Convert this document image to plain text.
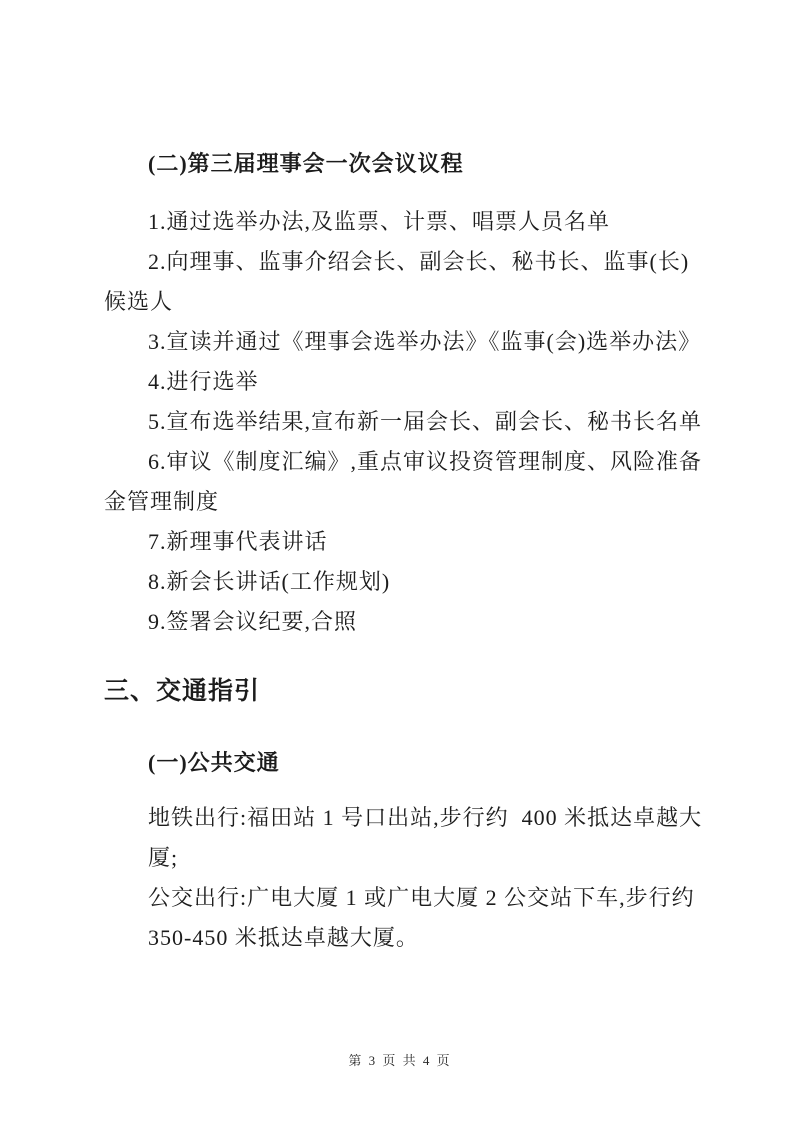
(二)第三届理事会一次会议议程
1.通过选举办法,及监票、计票、唱票人员名单
2.向理事、监事介绍会长、副会长、秘书长、监事(长)
候选人
3.宣读并通过《理事会选举办法》《监事(会)选举办法》
4.进行选举
5.宣布选举结果,宣布新一届会长、副会长、秘书长名单
6.审议《制度汇编》,重点审议投资管理制度、风险准备
金管理制度
7.新理事代表讲话
8.新会长讲话(工作规划)
9.签署会议纪要,合照
三、交通指引
(一)公共交通
地铁出行:福田站 1 号口出站,步行约  400 米抵达卓越大
厦;
公交出行:广电大厦 1 或广电大厦 2 公交站下车,步行约
350-450 米抵达卓越大厦。
第 3 页 共 4 页
